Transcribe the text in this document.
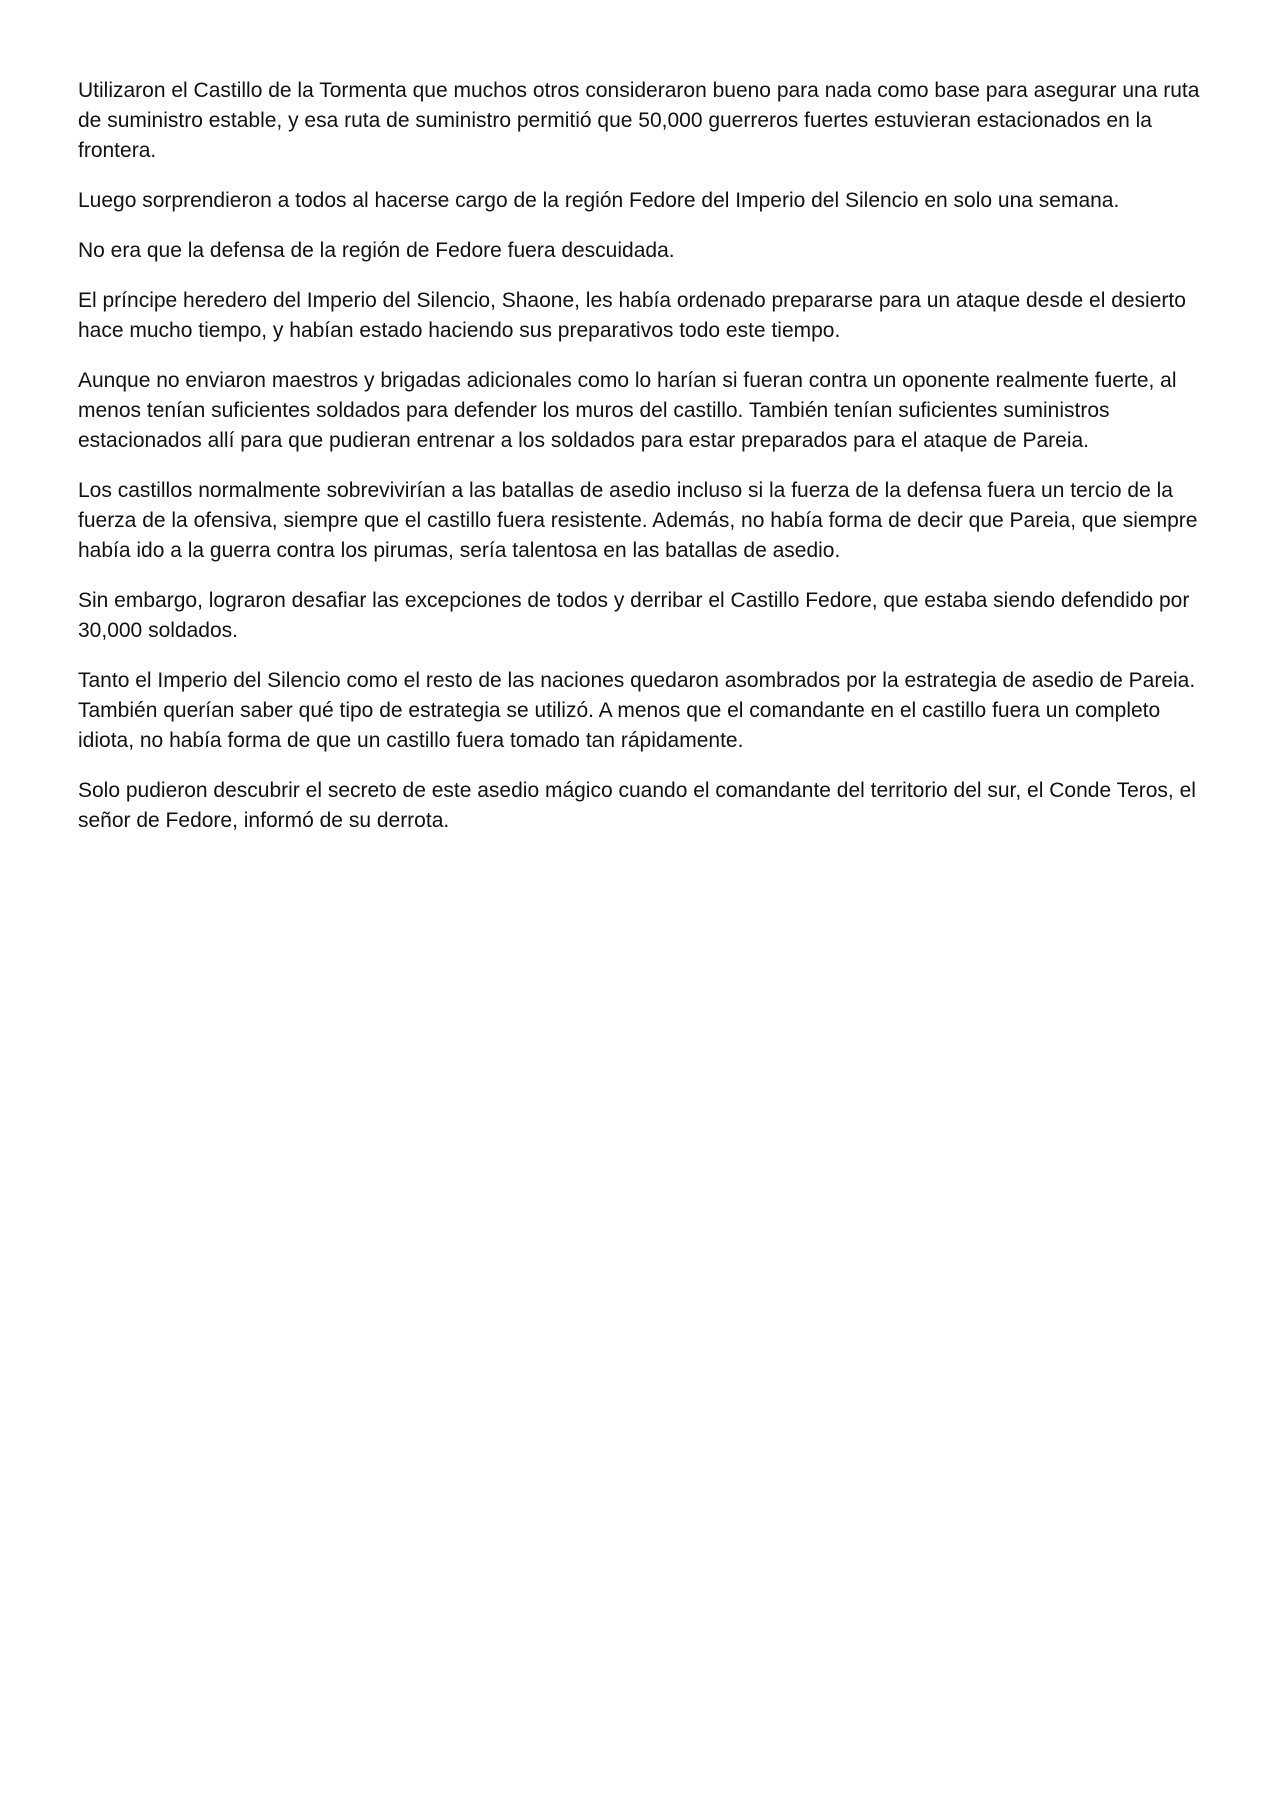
Utilizaron el Castillo de la Tormenta que muchos otros consideraron bueno para nada como base para asegurar una ruta de suministro estable, y esa ruta de suministro permitió que 50,000 guerreros fuertes estuvieran estacionados en la frontera.

Luego sorprendieron a todos al hacerse cargo de la región Fedore del Imperio del Silencio en solo una semana.

No era que la defensa de la región de Fedore fuera descuidada.

El príncipe heredero del Imperio del Silencio, Shaone, les había ordenado prepararse para un ataque desde el desierto hace mucho tiempo, y habían estado haciendo sus preparativos todo este tiempo.

Aunque no enviaron maestros y brigadas adicionales como lo harían si fueran contra un oponente realmente fuerte, al menos tenían suficientes soldados para defender los muros del castillo. También tenían suficientes suministros estacionados allí para que pudieran entrenar a los soldados para estar preparados para el ataque de Pareia.

Los castillos normalmente sobrevivirían a las batallas de asedio incluso si la fuerza de la defensa fuera un tercio de la fuerza de la ofensiva, siempre que el castillo fuera resistente. Además, no había forma de decir que Pareia, que siempre había ido a la guerra contra los pirumas, sería talentosa en las batallas de asedio.

Sin embargo, lograron desafiar las excepciones de todos y derribar el Castillo Fedore, que estaba siendo defendido por 30,000 soldados.

Tanto el Imperio del Silencio como el resto de las naciones quedaron asombrados por la estrategia de asedio de Pareia. También querían saber qué tipo de estrategia se utilizó. A menos que el comandante en el castillo fuera un completo idiota, no había forma de que un castillo fuera tomado tan rápidamente.

Solo pudieron descubrir el secreto de este asedio mágico cuando el comandante del territorio del sur, el Conde Teros, el señor de Fedore, informó de su derrota.
